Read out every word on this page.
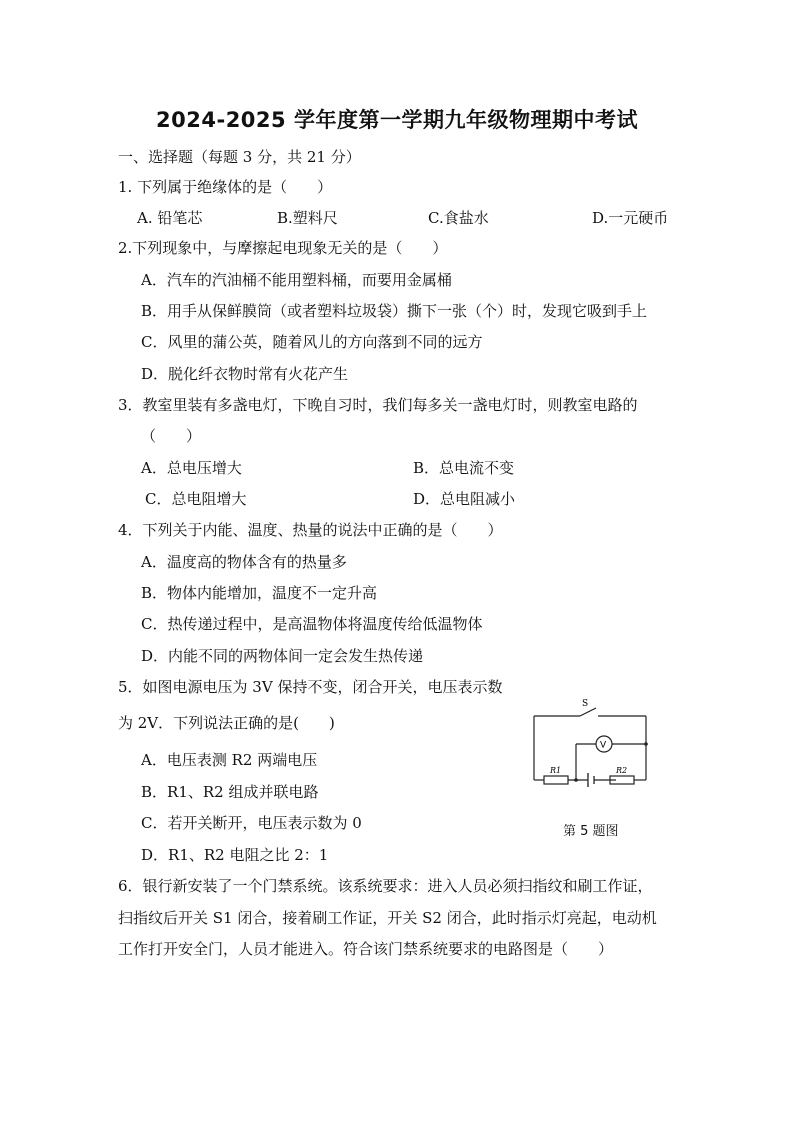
2024-2025 学年度第一学期九年级物理期中考试
一、选择题（每题 3 分，共 21 分）
1. 下列属于绝缘体的是（　　）
A. 铅笔芯	B.塑料尺	C.食盐水	D.一元硬币
2.下列现象中，与摩擦起电现象无关的是（　　）
A．汽车的汽油桶不能用塑料桶，而要用金属桶
B．用手从保鲜膜筒（或者塑料垃圾袋）撕下一张（个）时，发现它吸到手上
C．风里的蒲公英，随着风儿的方向落到不同的远方
D．脱化纤衣物时常有火花产生
3．教室里装有多盏电灯，下晚自习时，我们每多关一盏电灯时，则教室电路的
（　　）
A．总电压增大	B．总电流不变
C．总电阻增大	D．总电阻减小
4．下列关于内能、温度、热量的说法中正确的是（　　）
A．温度高的物体含有的热量多
B．物体内能增加，温度不一定升高
C．热传递过程中，是高温物体将温度传给低温物体
D．内能不同的两物体间一定会发生热传递
5．如图电源电压为 3V 保持不变，闭合开关，电压表示数
为 2V．下列说法正确的是(　　)
A．电压表测 R2 两端电压
B．R1、R2 组成并联电路
C．若开关断开，电压表示数为 0
D．R1、R2 电阻之比 2：1
S
V
R1	R2
第 5 题图
6．银行新安装了一个门禁系统。该系统要求：进入人员必须扫指纹和刷工作证，
扫指纹后开关 S1 闭合，接着刷工作证，开关 S2 闭合，此时指示灯亮起，电动机
工作打开安全门，人员才能进入。符合该门禁系统要求的电路图是（　　）
